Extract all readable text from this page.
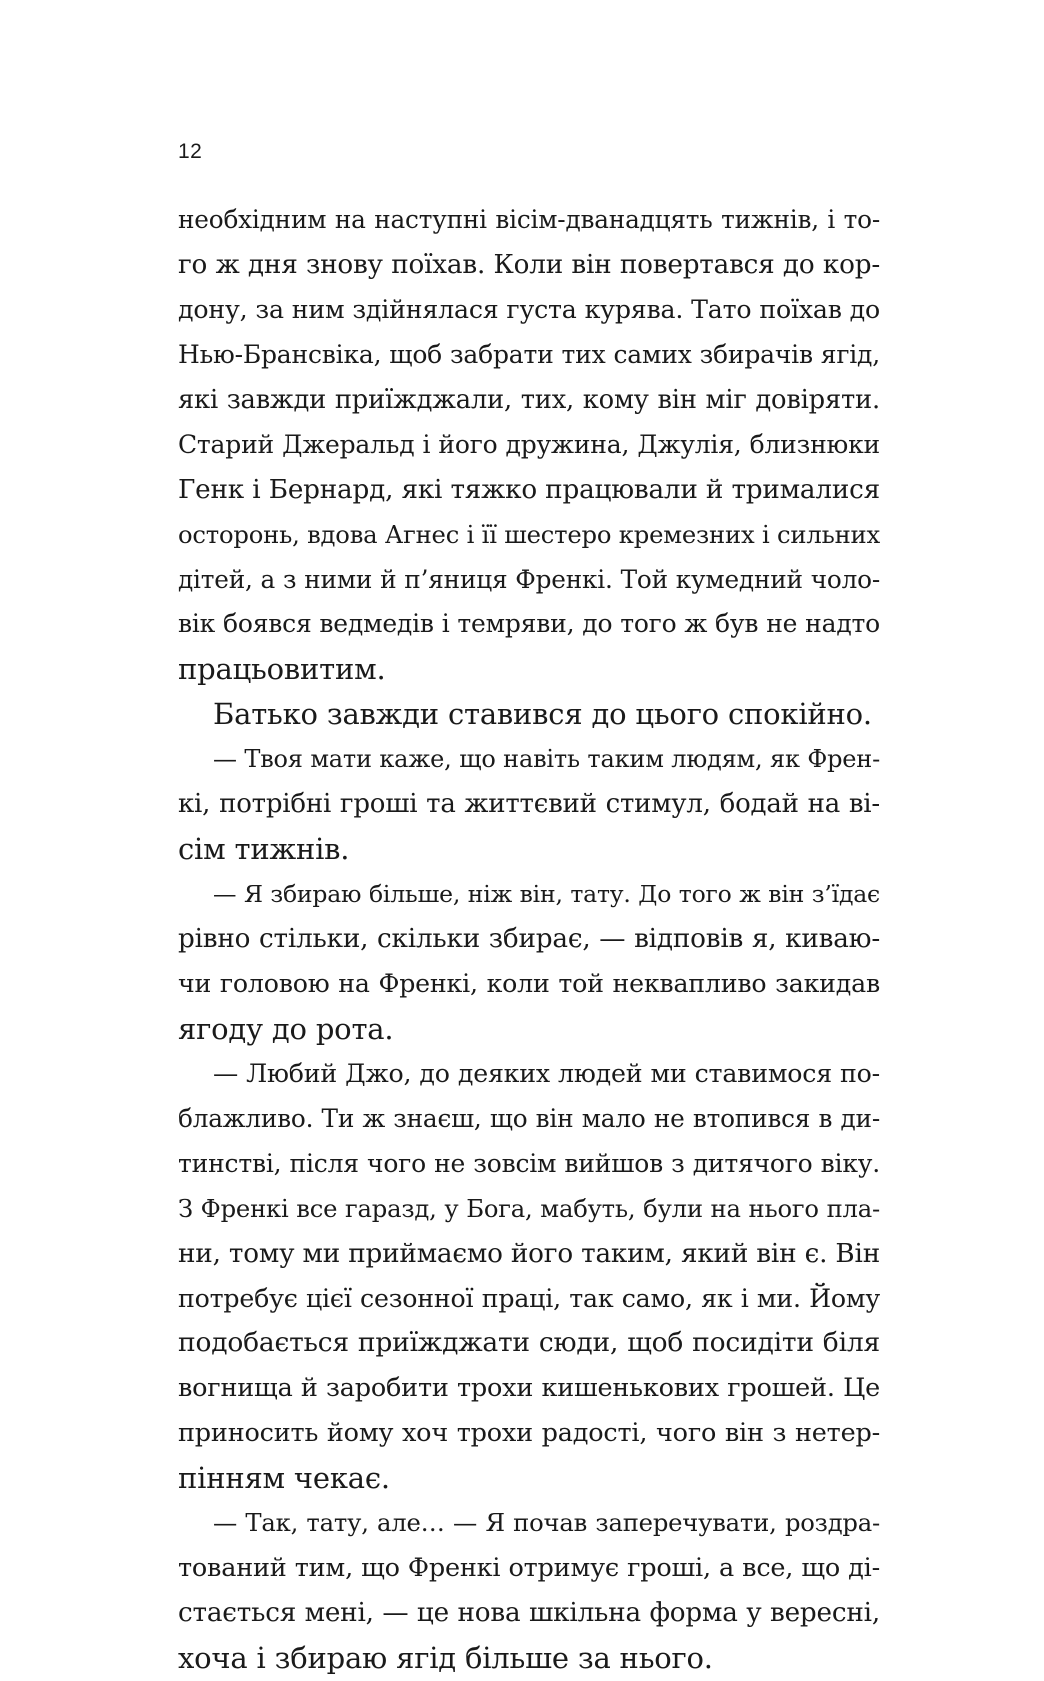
12
необхідним на наступні вісім-дванадцять тижнів, і то-
го ж дня знову поїхав. Коли він повертався до кор-
дону, за ним здійнялася густа курява. Тато поїхав до
Нью-Брансвіка, щоб забрати тих самих збирачів ягід,
які завжди приїжджали, тих, кому він міг довіряти.
Старий Джеральд і його дружина, Джулія, близнюки
Генк і Бернард, які тяжко працювали й трималися
осторонь, вдова Агнес і її шестеро кремезних і сильних
дітей, а з ними й п’яниця Френкі. Той кумедний чоло-
вік боявся ведмедів і темряви, до того ж був не надто
працьовитим.
Батько завжди ставився до цього спокійно.
— Твоя мати каже, що навіть таким людям, як Френ-
кі, потрібні гроші та життєвий стимул, бодай на ві-
сім тижнів.
— Я збираю більше, ніж він, тату. До того ж він з’їдає
рівно стільки, скільки збирає, — відповів я, киваю-
чи головою на Френкі, коли той неквапливо закидав
ягоду до рота.
— Любий Джо, до деяких людей ми ставимося по-
блажливо. Ти ж знаєш, що він мало не втопився в ди-
тинстві, після чого не зовсім вийшов з дитячого віку.
З Френкі все гаразд, у Бога, мабуть, були на нього пла-
ни, тому ми приймаємо його таким, який він є. Він
потребує цієї сезонної праці, так само, як і ми. Йому
подобається приїжджати сюди, щоб посидіти біля
вогнища й заробити трохи кишенькових грошей. Це
приносить йому хоч трохи радості, чого він з нетер-
пінням чекає.
— Так, тату, але… — Я почав заперечувати, роздра-
тований тим, що Френкі отримує гроші, а все, що ді-
стається мені, — це нова шкільна форма у вересні,
хоча і збираю ягід більше за нього.
